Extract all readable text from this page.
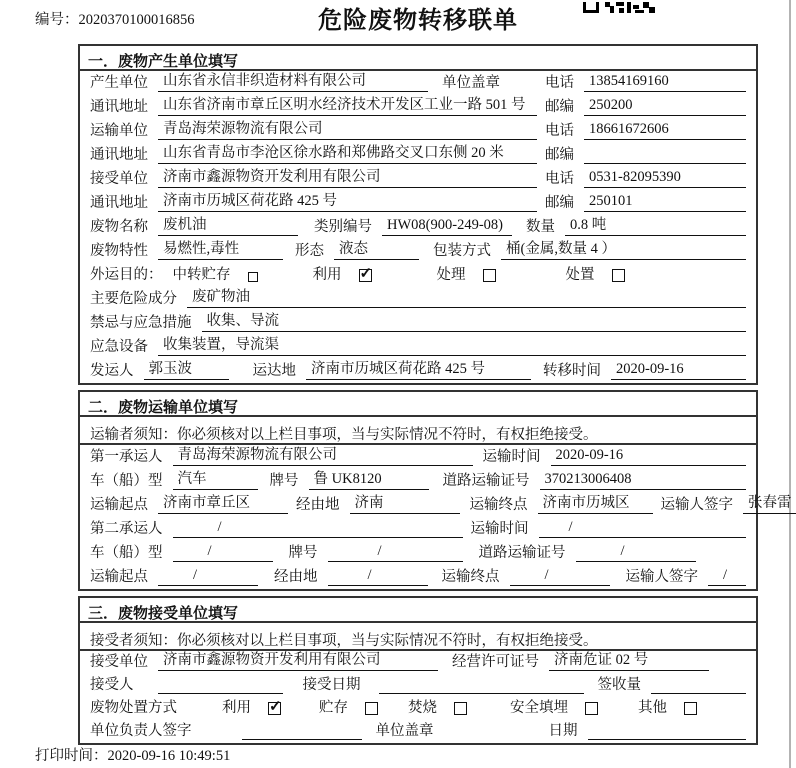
编号：2020370100016856	危险废物转移联单
一．废物产生单位填写
产生单位	山东省永信非织造材料有限公司	单位盖章	电话	13854169160
通讯地址	山东省济南市章丘区明水经济技术开发区工业一路 501 号	邮编	250200
运输单位	青岛海荣源物流有限公司	电话	18661672606
通讯地址	山东省青岛市李沧区徐水路和郑佛路交叉口东侧 20 米	邮编
接受单位	济南市鑫源物资开发利用有限公司	电话	0531-82095390
通讯地址	济南市历城区荷花路 425 号	邮编	250101
废物名称	废机油	类别编号	HW08(900-249-08)	数量	0.8 吨
废物特性	易燃性,毒性	形态	液态	包装方式	桶(金属,数量 4 ）
外运目的： 中转贮存	利用 ✓	处理	处置
主要危险成分	废矿物油
禁忌与应急措施	收集、导流
应急设备	收集装置，导流渠
发运人	郭玉波	运达地	济南市历城区荷花路 425 号	转移时间	2020-09-16
二．废物运输单位填写
运输者须知：你必须核对以上栏目事项，当与实际情况不符时，有权拒绝接受。
第一承运人	青岛海荣源物流有限公司	运输时间	2020-09-16
车（船）型	汽车	牌号	鲁 UK8120	道路运输证号	370213006408
运输起点	济南市章丘区	经由地	济南	运输终点	济南市历城区	运输人签字	张春雷
第二承运人	/	运输时间	/
车（船）型	/	牌号	/	道路运输证号	/
运输起点	/	经由地	/	运输终点	/	运输人签字	/
三．废物接受单位填写
接受者须知：你必须核对以上栏目事项，当与实际情况不符时，有权拒绝接受。
接受单位	济南市鑫源物资开发利用有限公司	经营许可证号	济南危证 02 号
接受人	接受日期	签收量
废物处置方式	利用 ✓	贮存	焚烧	安全填埋	其他
单位负责人签字	单位盖章	日期
打印时间：2020-09-16 10:49:51
